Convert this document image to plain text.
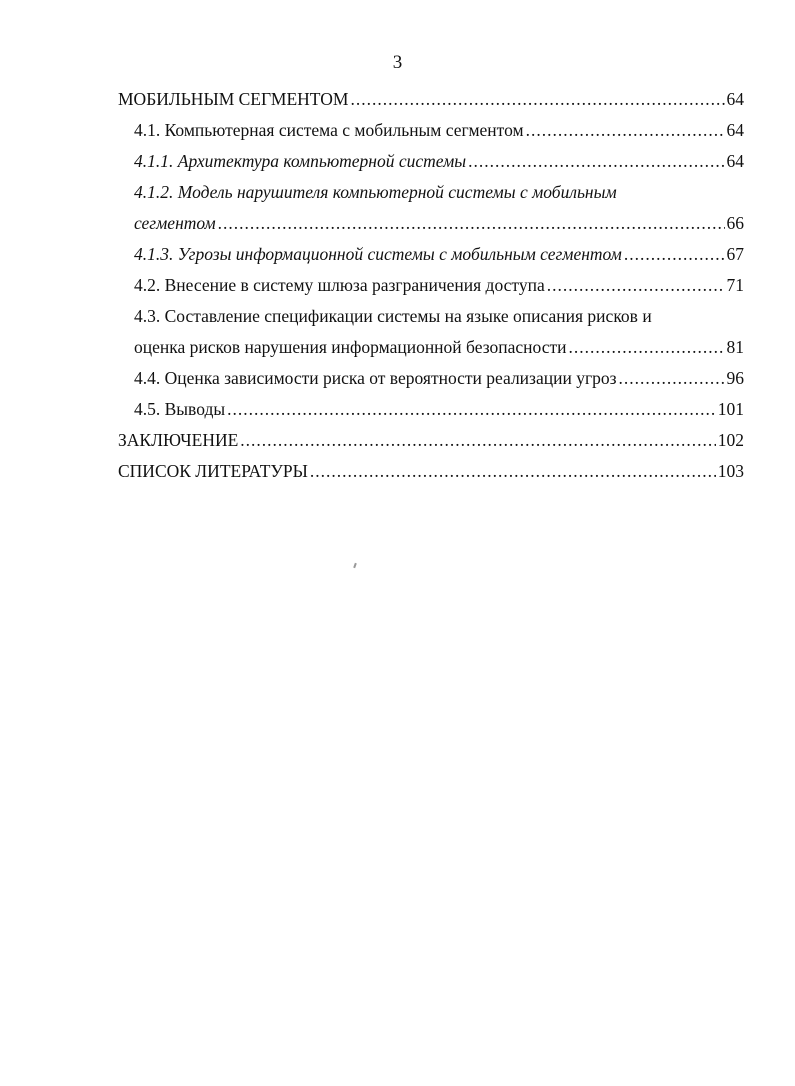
3
МОБИЛЬНЫМ СЕГМЕНТОМ .....	64
4.1. Компьютерная система с мобильным сегментом .....	64
4.1.1. Архитектура компьютерной системы .....	64
4.1.2. Модель нарушителя компьютерной системы с мобильным
сегментом .....	66
4.1.3. Угрозы информационной системы с мобильным сегментом .....	67
4.2. Внесение в систему шлюза разграничения доступа .....	71
4.3. Составление спецификации системы на языке описания рисков и
оценка рисков нарушения информационной безопасности .....	81
4.4. Оценка зависимости риска от вероятности реализации угроз .....	96
4.5. Выводы .....	101
ЗАКЛЮЧЕНИЕ .....	102
СПИСОК ЛИТЕРАТУРЫ .....	103
